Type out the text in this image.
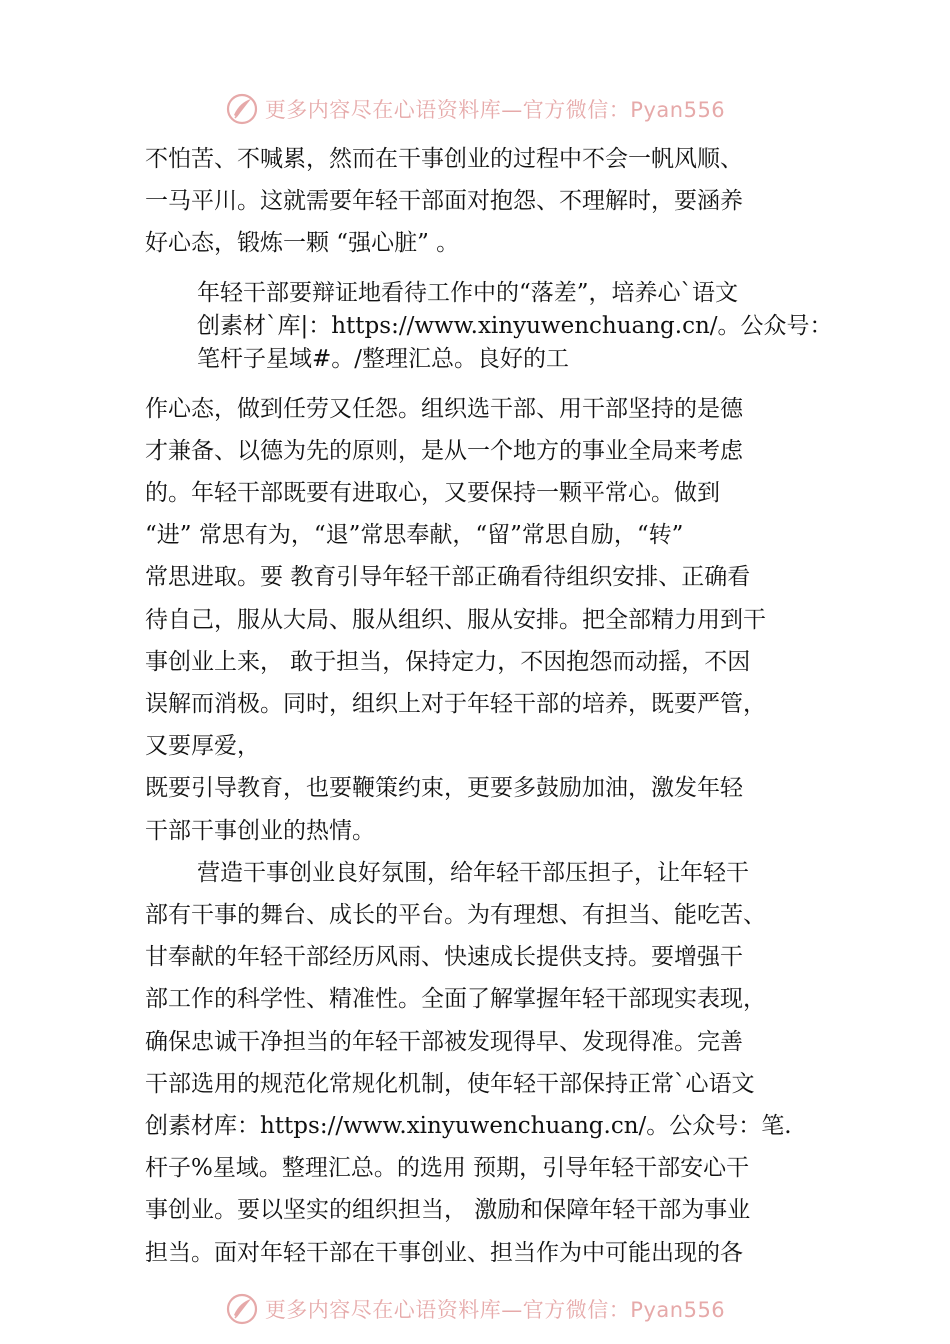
更多内容尽在心语资料库—官方微信：Pyan556
不怕苦、不喊累，然而在干事创业的过程中不会一帆风顺、
一马平川。这就需要年轻干部面对抱怨、不理解时，要涵养
好心态，锻炼一颗 “强心脏” 。
年轻干部要辩证地看待工作中的“落差”，培养心`语文
创素材`库|：https://www.xinyuwenchuang.cn/。公众号：
笔杆子星域#。/整理汇总。良好的工
作心态，做到任劳又任怨。组织选干部、用干部坚持的是德
才兼备、以德为先的原则，是从一个地方的事业全局来考虑
的。年轻干部既要有进取心，又要保持一颗平常心。做到
“进” 常思有为，“退”常思奉献，“留”常思自励，“转”
常思进取。要 教育引导年轻干部正确看待组织安排、正确看
待自己，服从大局、服从组织、服从安排。把全部精力用到干
事创业上来， 敢于担当，保持定力，不因抱怨而动摇，不因
误解而消极。同时，组织上对于年轻干部的培养，既要严管，
又要厚爱，
既要引导教育，也要鞭策约束，更要多鼓励加油，激发年轻
干部干事创业的热情。
营造干事创业良好氛围，给年轻干部压担子，让年轻干
部有干事的舞台、成长的平台。为有理想、有担当、能吃苦、
甘奉献的年轻干部经历风雨、快速成长提供支持。要增强干
部工作的科学性、精准性。全面了解掌握年轻干部现实表现，
确保忠诚干净担当的年轻干部被发现得早、发现得准。完善
干部选用的规范化常规化机制，使年轻干部保持正常`心语文
创素材库：https://www.xinyuwenchuang.cn/。公众号：笔.
杆子%星域。整理汇总。的选用 预期，引导年轻干部安心干
事创业。要以坚实的组织担当， 激励和保障年轻干部为事业
担当。面对年轻干部在干事创业、担当作为中可能出现的各
更多内容尽在心语资料库—官方微信：Pyan556
